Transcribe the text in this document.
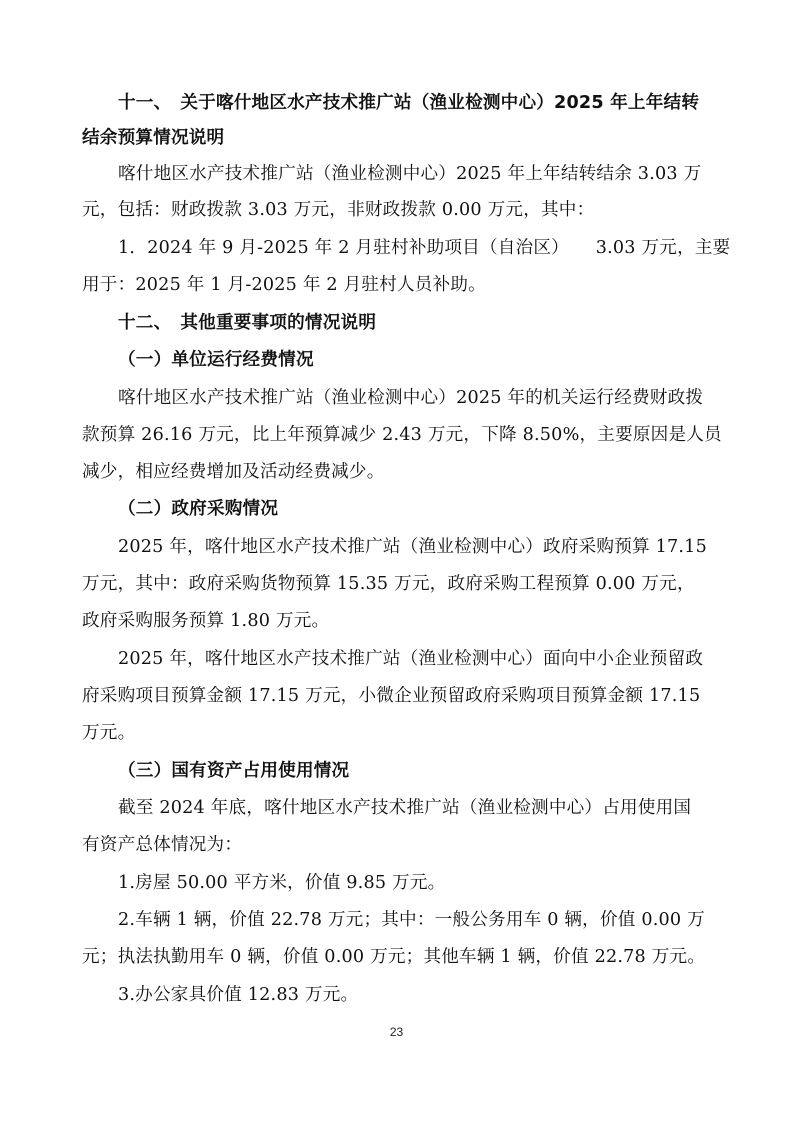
十一、　关于喀什地区水产技术推广站（渔业检测中心）2025 年上年结转
结余预算情况说明
喀什地区水产技术推广站（渔业检测中心）2025 年上年结转结余 3.03 万
元，包括：财政拨款 3.03 万元，非财政拨款 0.00 万元，其中：
1．2024 年 9 月-2025 年 2 月驻村补助项目（自治区）　　3.03 万元，主要
用于：2025 年 1 月-2025 年 2 月驻村人员补助。
十二、　其他重要事项的情况说明
（一）单位运行经费情况
喀什地区水产技术推广站（渔业检测中心）2025 年的机关运行经费财政拨
款预算 26.16 万元，比上年预算减少 2.43 万元，下降 8.50%，主要原因是人员
减少，相应经费增加及活动经费减少。
（二）政府采购情况
2025 年，喀什地区水产技术推广站（渔业检测中心）政府采购预算 17.15
万元，其中：政府采购货物预算 15.35 万元，政府采购工程预算 0.00 万元，
政府采购服务预算 1.80 万元。
2025 年，喀什地区水产技术推广站（渔业检测中心）面向中小企业预留政
府采购项目预算金额 17.15 万元，小微企业预留政府采购项目预算金额 17.15
万元。
（三）国有资产占用使用情况
截至 2024 年底，喀什地区水产技术推广站（渔业检测中心）占用使用国
有资产总体情况为：
1.房屋 50.00 平方米，价值 9.85 万元。
2.车辆 1 辆，价值 22.78 万元；其中：一般公务用车 0 辆，价值 0.00 万
元；执法执勤用车 0 辆，价值 0.00 万元；其他车辆 1 辆，价值 22.78 万元。
3.办公家具价值 12.83 万元。
23
